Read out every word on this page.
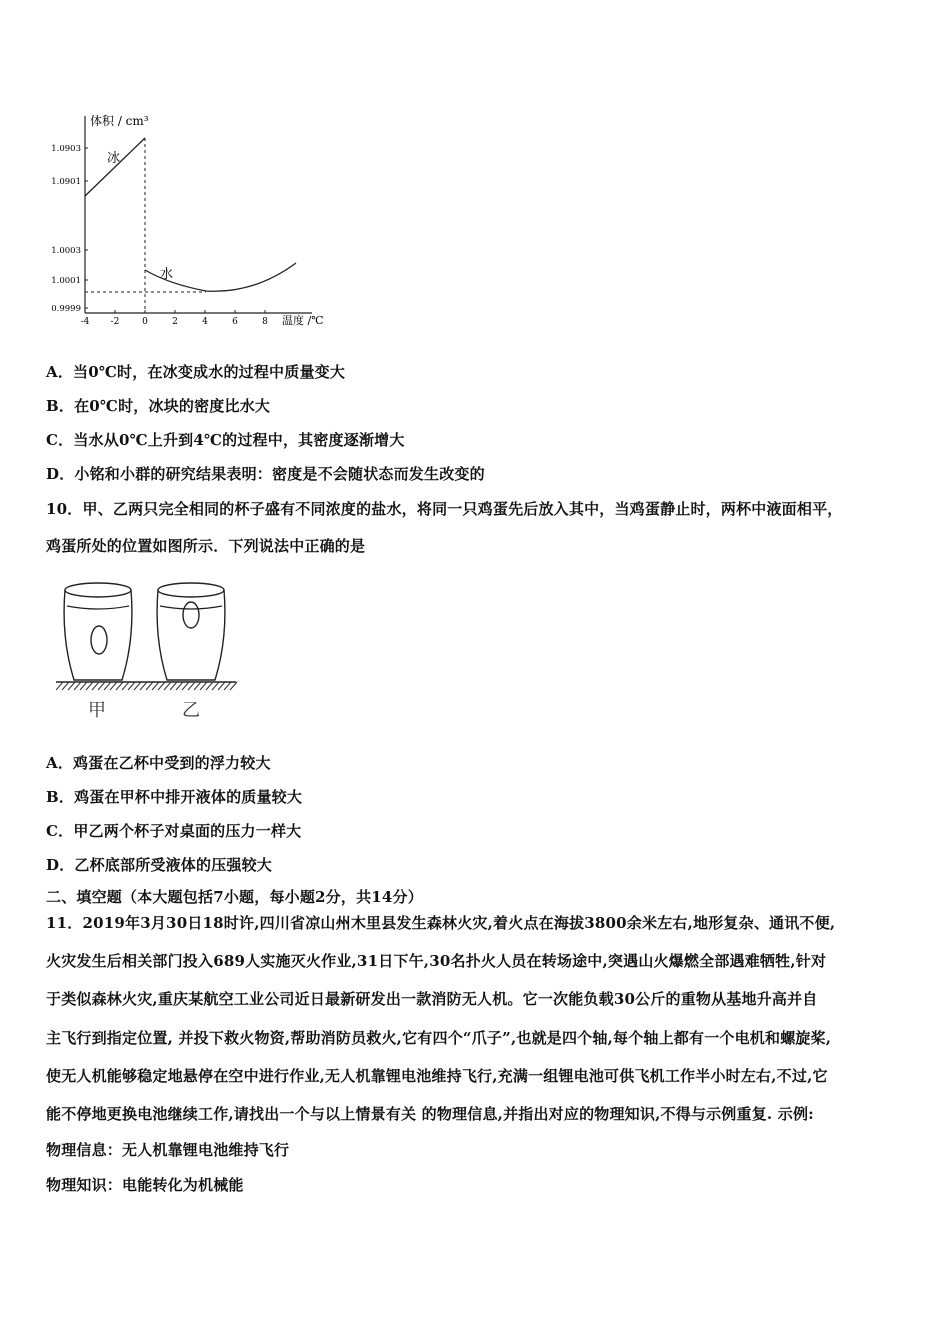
体积 / cm³
温度 /℃
1.0903
1.0901
1.0003
1.0001
0.9999
-4 -2	0	2	4	6	8
冰
水
A．当0℃时，在冰变成水的过程中质量变大
B．在0℃时，冰块的密度比水大
C．当水从0℃上升到4℃的过程中，其密度逐渐增大
D．小铭和小群的研究结果表明：密度是不会随状态而发生改变的
10．甲、乙两只完全相同的杯子盛有不同浓度的盐水，将同一只鸡蛋先后放入其中，当鸡蛋静止时，两杯中液面相平，
鸡蛋所处的位置如图所示．下列说法中正确的是
甲	乙
A．鸡蛋在乙杯中受到的浮力较大
B．鸡蛋在甲杯中排开液体的质量较大
C．甲乙两个杯子对桌面的压力一样大
D．乙杯底部所受液体的压强较大
二、填空题（本大题包括7小题，每小题2分，共14分）
11．2019年3月30日18时许,四川省凉山州木里县发生森林火灾,着火点在海拔3800余米左右,地形复杂、通讯不便,
火灾发生后相关部门投入689人实施灭火作业,31日下午,30名扑火人员在转场途中,突遇山火爆燃全部遇难牺牲,针对
于类似森林火灾,重庆某航空工业公司近日最新研发出一款消防无人机。它一次能负载30公斤的重物从基地升高并自
主飞行到指定位置, 并投下救火物资,帮助消防员救火,它有四个“爪子”,也就是四个轴,每个轴上都有一个电机和螺旋桨,
使无人机能够稳定地悬停在空中进行作业,无人机靠锂电池维持飞行,充满一组锂电池可供飞机工作半小时左右,不过,它
能不停地更换电池继续工作,请找出一个与以上情景有关 的物理信息,并指出对应的物理知识,不得与示例重复. 示例:
物理信息：无人机靠锂电池维持飞行
物理知识：电能转化为机械能
